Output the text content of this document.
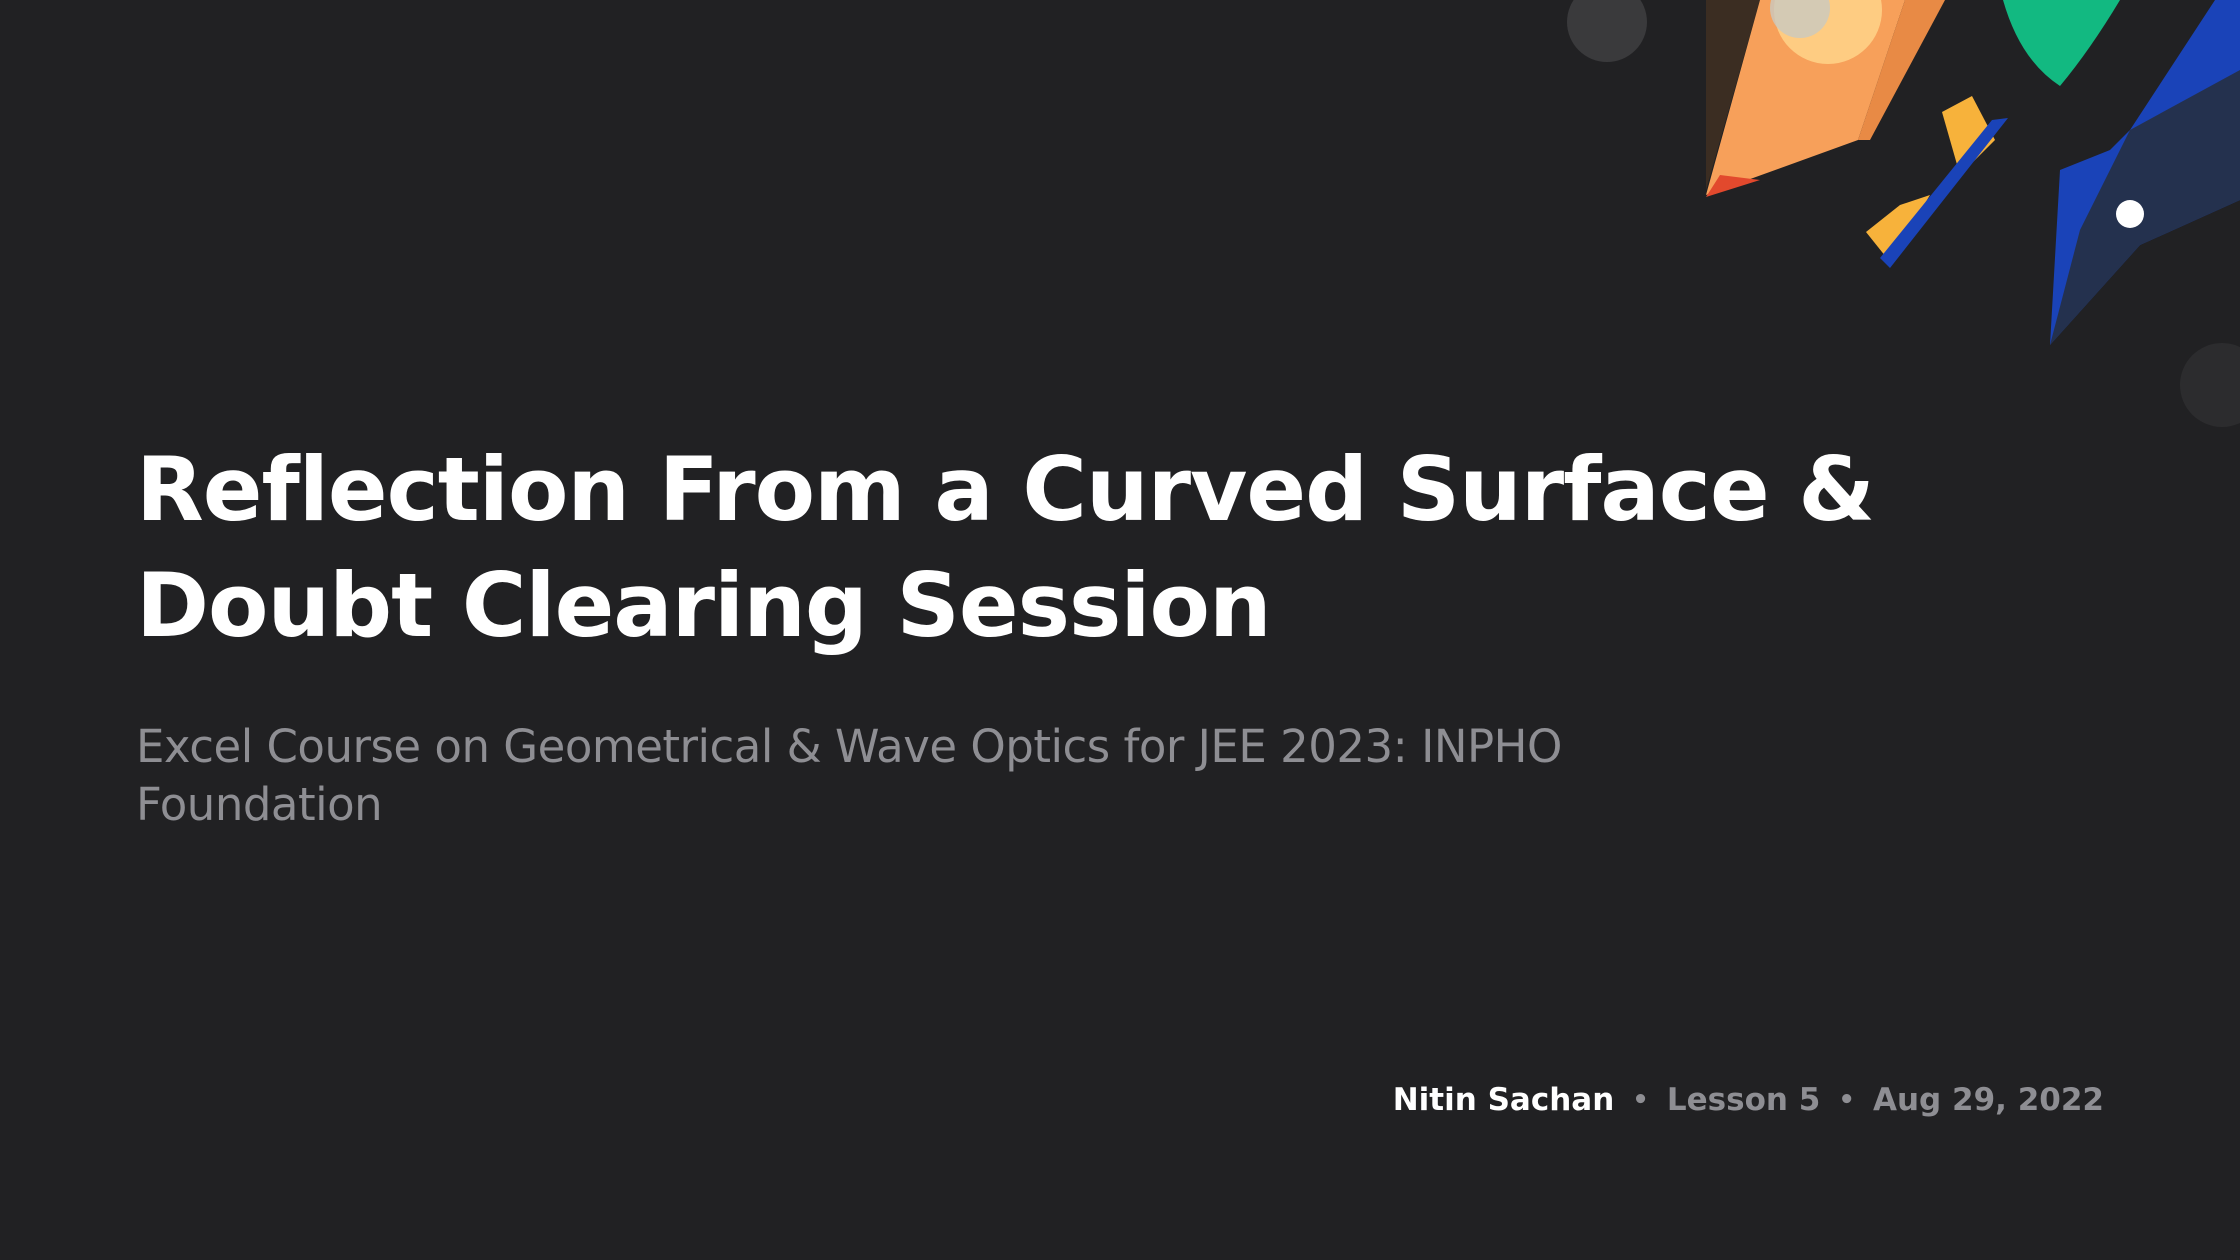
Reflection From a Curved Surface &
Doubt Clearing Session

Excel Course on Geometrical & Wave Optics for JEE 2023: INPHO
Foundation

Nitin Sachan • Lesson 5 • Aug 29, 2022
